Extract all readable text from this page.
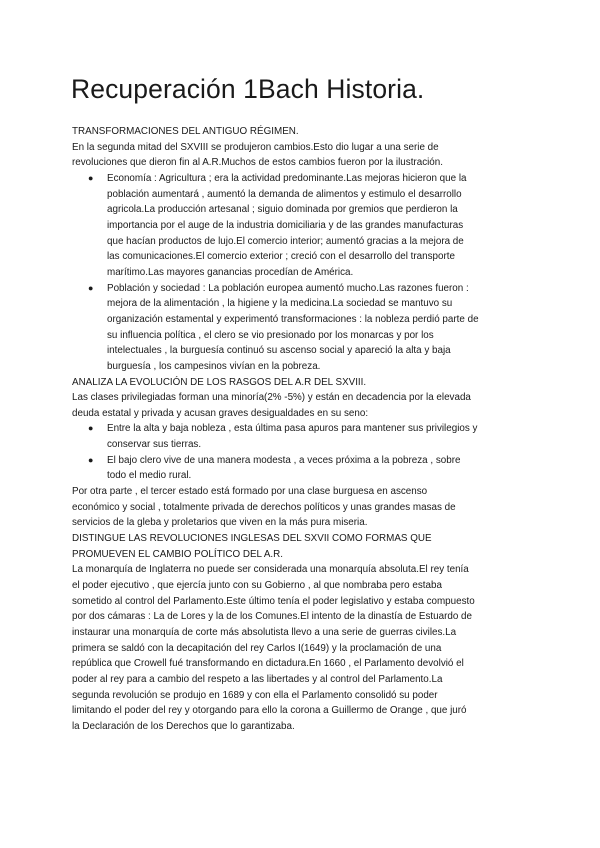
Recuperación 1Bach Historia.

TRANSFORMACIONES DEL ANTIGUO RÉGIMEN.

En la segunda mitad del SXVIII se produjeron cambios.Esto dio lugar a una serie de
revoluciones que dieron fin al A.R.Muchos de estos cambios fueron por la ilustración.
● Economía : Agricultura ; era la actividad predominante.Las mejoras hicieron que la
población aumentará , aumentó la demanda de alimentos y estimulo el desarrollo
agricola.La producción artesanal ; siguio dominada por gremios que perdieron la
importancia por el auge de la industria domiciliaria y de las grandes manufacturas
que hacían productos de lujo.El comercio interior; aumentó gracias a la mejora de
las comunicaciones.El comercio exterior ; creció con el desarrollo del transporte
marítimo.Las mayores ganancias procedían de América.
● Población y sociedad : La población europea aumentó mucho.Las razones fueron :
mejora de la alimentación , la higiene y la medicina.La sociedad se mantuvo su
organización estamental y experimentó transformaciones : la nobleza perdió parte de
su influencia política , el clero se vio presionado por los monarcas y por los
intelectuales , la burguesía continuó su ascenso social y apareció la alta y baja
burguesía , los campesinos vivían en la pobreza.

ANALIZA LA EVOLUCIÓN DE LOS RASGOS DEL A.R DEL SXVIII.

Las clases privilegiadas forman una minoría(2% -5%) y están en decadencia por la elevada
deuda estatal y privada y acusan graves desigualdades en su seno:
● Entre la alta y baja nobleza , esta última pasa apuros para mantener sus privilegios y
conservar sus tierras.
● El bajo clero vive de una manera modesta , a veces próxima a la pobreza , sobre
todo el medio rural.
Por otra parte , el tercer estado está formado por una clase burguesa en ascenso
económico y social , totalmente privada de derechos políticos y unas grandes masas de
servicios de la gleba y proletarios que viven en la más pura miseria.
DISTINGUE LAS REVOLUCIONES INGLESAS DEL SXVII COMO FORMAS QUE
PROMUEVEN EL CAMBIO POLÍTICO DEL A.R.
La monarquía de Inglaterra no puede ser considerada una monarquía absoluta.El rey tenía
el poder ejecutivo , que ejercía junto con su Gobierno , al que nombraba pero estaba
sometido al control del Parlamento.Este último tenía el poder legislativo y estaba compuesto
por dos cámaras : La de Lores y la de los Comunes.El intento de la dinastía de Estuardo de
instaurar una monarquía de corte más absolutista llevo a una serie de guerras civiles.La
primera se saldó con la decapitación del rey Carlos I(1649) y la proclamación de una
república que Crowell fué transformando en dictadura.En 1660 , el Parlamento devolvió el
poder al rey para a cambio del respeto a las libertades y al control del Parlamento.La
segunda revolución se produjo en 1689 y con ella el Parlamento consolidó su poder
limitando el poder del rey y otorgando para ello la corona a Guillermo de Orange , que juró
la Declaración de los Derechos que lo garantizaba.
